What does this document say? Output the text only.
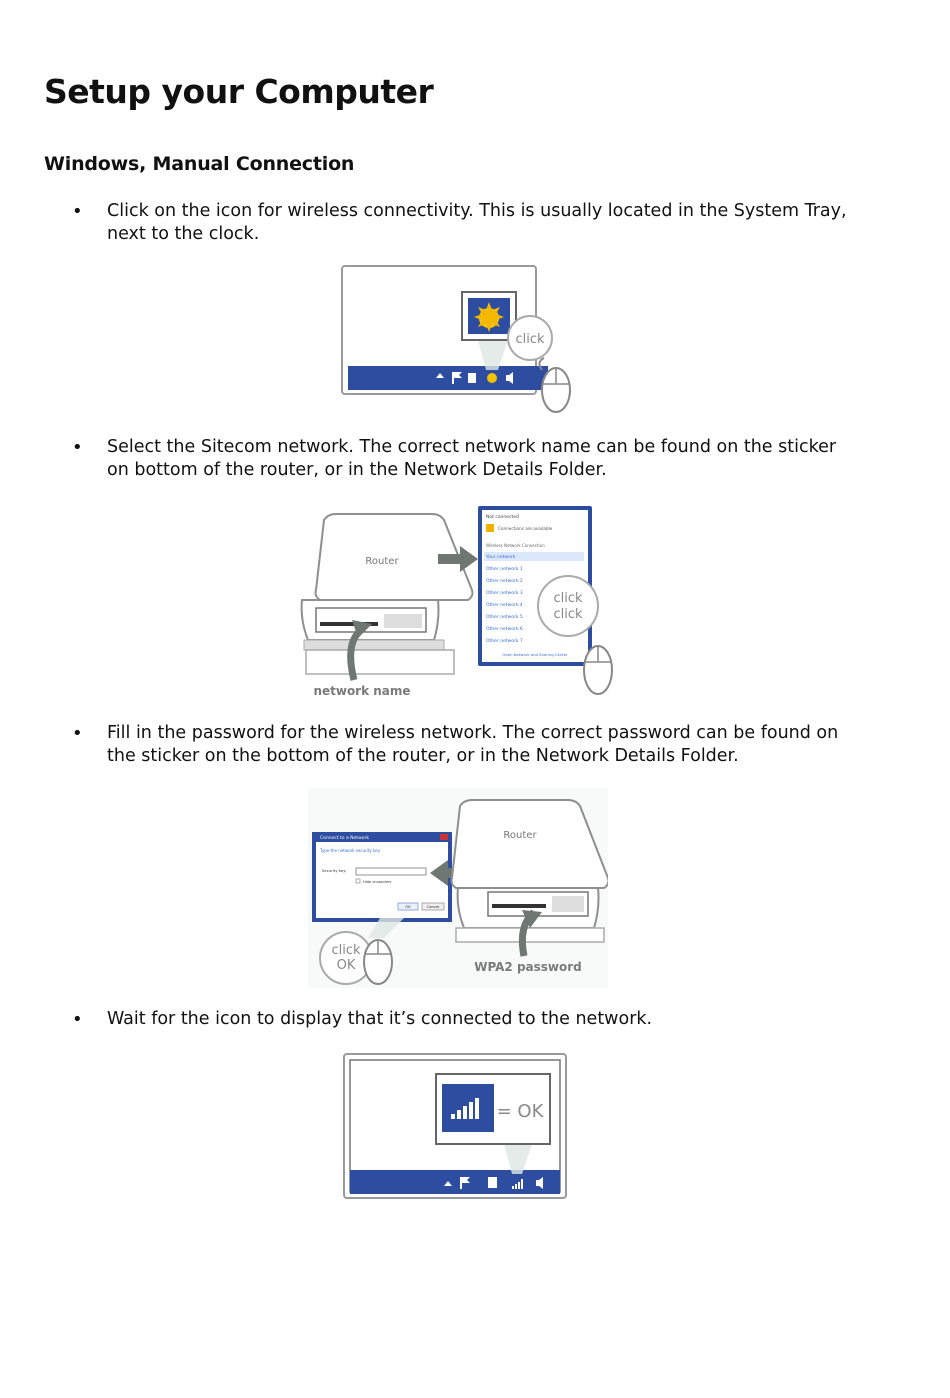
Setup your Computer
Windows, Manual Connection
• Click on the icon for wireless connectivity. This is usually located in the System Tray, next to the clock.
click
• Select the Sitecom network. The correct network name can be found on the sticker on bottom of the router, or in the Network Details Folder.
Router
network name
Not connected
Connections are available
Wireless Network Connection
Your network
Other network 1
Other network 2
Other network 3
Other network 4
Other network 5
Other network 6
Other network 7
Open Network and Sharing Center
click
click
• Fill in the password for the wireless network. The correct password can be found on the sticker on the bottom of the router, or in the Network Details Folder.
Connect to a Network
Type the network security key
Security key:
Hide characters
OK	Cancel
Router
WPA2 password
click
OK
• Wait for the icon to display that it’s connected to the network.
= OK
